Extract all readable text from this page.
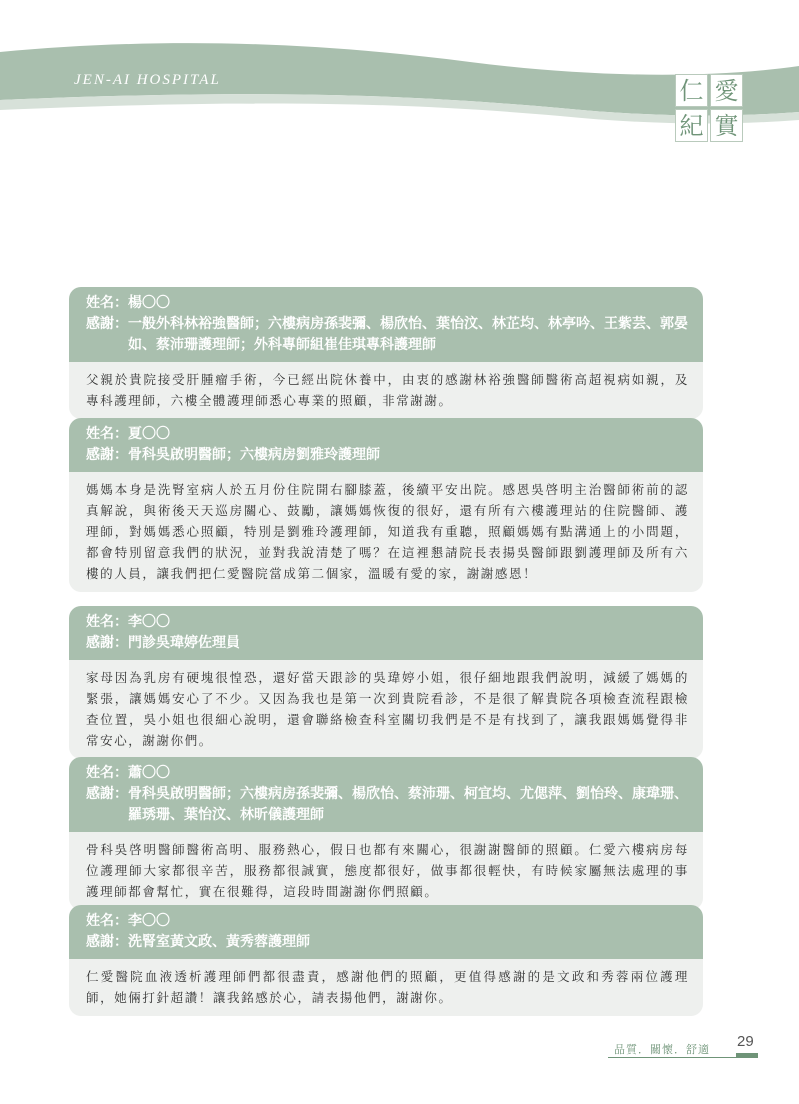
JEN-AI HOSPITAL	仁 愛
紀 實
姓名： 楊〇〇
感謝： 一般外科林裕強醫師；六樓病房孫裴彌、楊欣怡、葉怡汶、林芷均、林亭吟、王紫芸、郭晏如、蔡沛珊護理師；外科專師組崔佳琪專科護理師
父親於貴院接受肝腫瘤手術，今已經出院休養中，由衷的感謝林裕強醫師醫術高超視病如親，及專科護理師，六樓全體護理師悉心專業的照顧，非常謝謝。
姓名： 夏〇〇
感謝： 骨科吳啟明醫師；六樓病房劉雅玲護理師
媽媽本身是洗腎室病人於五月份住院開右腳膝蓋，後續平安出院。感恩吳啓明主治醫師術前的認真解說，與術後天天巡房關心、鼓勵，讓媽媽恢復的很好，還有所有六樓護理站的住院醫師、護理師，對媽媽悉心照顧，特別是劉雅玲護理師，知道我有重聽，照顧媽媽有點溝通上的小問題，都會特別留意我們的狀況，並對我說清楚了嗎？在這裡懇請院長表揚吳醫師跟劉護理師及所有六樓的人員，讓我們把仁愛醫院當成第二個家，溫暖有愛的家，謝謝感恩！
姓名： 李〇〇
感謝： 門診吳瑋婷佐理員
家母因為乳房有硬塊很惶恐，還好當天跟診的吳瑋婷小姐，很仔細地跟我們說明，減緩了媽媽的緊張，讓媽媽安心了不少。又因為我也是第一次到貴院看診，不是很了解貴院各項檢查流程跟檢查位置，吳小姐也很細心說明，還會聯絡檢查科室關切我們是不是有找到了，讓我跟媽媽覺得非常安心，謝謝你們。
姓名： 蕭〇〇
感謝： 骨科吳啟明醫師；六樓病房孫裴彌、楊欣怡、蔡沛珊、柯宜均、尤偲萍、劉怡玲、康瑋珊、羅琇珊、葉怡汶、林昕儀護理師
骨科吳啓明醫師醫術高明、服務熱心，假日也都有來關心，很謝謝醫師的照顧。仁愛六樓病房每位護理師大家都很辛苦，服務都很誠實，態度都很好，做事都很輕快，有時候家屬無法處理的事護理師都會幫忙，實在很難得，這段時間謝謝你們照顧。
姓名： 李〇〇
感謝： 洗腎室黃文政、黃秀蓉護理師
仁愛醫院血液透析護理師們都很盡責，感謝他們的照顧，更值得感謝的是文政和秀蓉兩位護理師，她倆打針超讚！讓我銘感於心，請表揚他們，謝謝你。
品質．關懷．舒適 29
